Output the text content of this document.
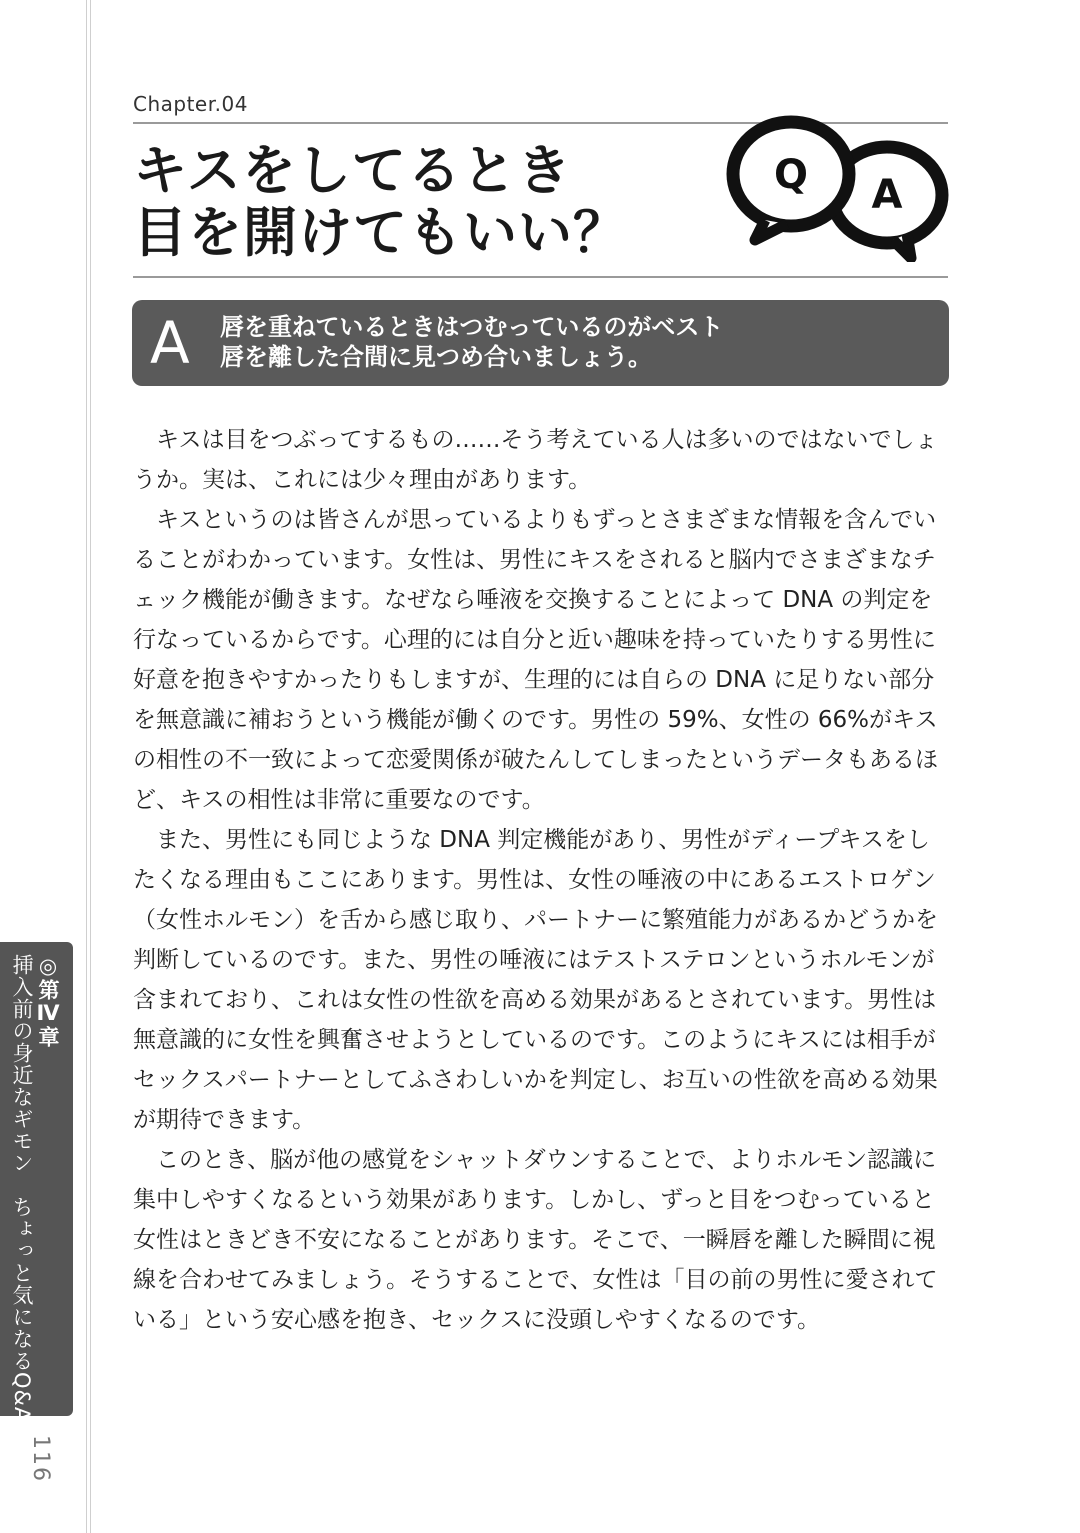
Chapter.04
キスをしてるとき
目を開けてもいい？
A
Q
A 唇を重ねているときはつむっているのがベスト
唇を離した合間に見つめ合いましょう。

キスは目をつぶってするもの……そう考えている人は多いのではないでしょうか。実は、これには少々理由があります。

キスというのは皆さんが思っているよりもずっとさまざまな情報を含んでいることがわかっています。女性は、男性にキスをされると脳内でさまざまなチェック機能が働きます。なぜなら唾液を交換することによって DNA の判定を行なっているからです。心理的には自分と近い趣味を持っていたりする男性に好意を抱きやすかったりもしますが、生理的には自らの DNA に足りない部分を無意識に補おうという機能が働くのです。男性の 59%、女性の 66%がキスの相性の不一致によって恋愛関係が破たんしてしまったというデータもあるほど、キスの相性は非常に重要なのです。

また、男性にも同じような DNA 判定機能があり、男性がディープキスをしたくなる理由もここにあります。男性は、女性の唾液の中にあるエストロゲン（女性ホルモン）を舌から感じ取り、パートナーに繁殖能力があるかどうかを判断しているのです。また、男性の唾液にはテストステロンというホルモンが含まれており、これは女性の性欲を高める効果があるとされています。男性は無意識的に女性を興奮させようとしているのです。このようにキスには相手がセックスパートナーとしてふさわしいかを判定し、お互いの性欲を高める効果が期待できます。

このとき、脳が他の感覚をシャットダウンすることで、よりホルモン認識に集中しやすくなるという効果があります。しかし、ずっと目をつむっていると女性はときどき不安になることがあります。そこで、一瞬唇を離した瞬間に視線を合わせてみましょう。そうすることで、女性は「目の前の男性に愛されている」という安心感を抱き、セックスに没頭しやすくなるのです。

◎第Ⅳ章
挿入前の身近なギモン　ちょっと気になるQ&A
116
